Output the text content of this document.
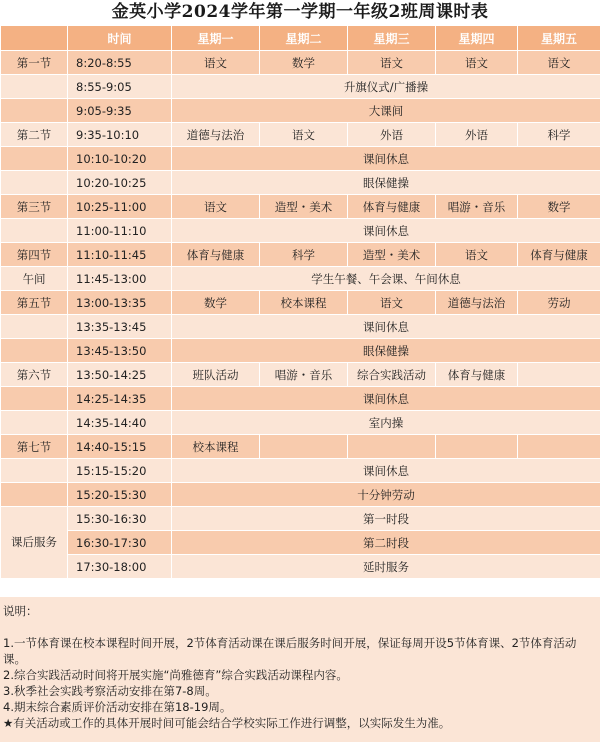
金英小学2024学年第一学期一年级2班周课时表
	时间	星期一	星期二	星期三	星期四	星期五
第一节	8:20-8:55	语文	数学	语文	语文	语文
	8:55-9:05	升旗仪式/广播操				
	9:05-9:35	大课间				
第二节	9:35-10:10	道德与法治	语文	外语	外语	科学
	10:10-10:20	课间休息				
	10:20-10:25	眼保健操				
第三节	10:25-11:00	语文	造型・美术	体育与健康	唱游・音乐	数学
	11:00-11:10	课间休息				
第四节	11:10-11:45	体育与健康	科学	造型・美术	语文	体育与健康
午间	11:45-13:00	学生午餐、午会课、午间休息				
第五节	13:00-13:35	数学	校本课程	语文	道德与法治	劳动
	13:35-13:45	课间休息				
	13:45-13:50	眼保健操				
第六节	13:50-14:25	班队活动	唱游・音乐	综合实践活动	体育与健康	
	14:25-14:35	课间休息				
	14:35-14:40	室内操				
第七节	14:40-15:15	校本课程				
	15:15-15:20	课间休息				
	15:20-15:30	十分钟劳动				
课后服务	15:30-16:30	第一时段				
	16:30-17:30	第二时段				
	17:30-18:00	延时服务				
说明：
1.一节体育课在校本课程时间开展，2节体育活动课在课后服务时间开展，保证每周开设5节体育课、2节体育活动课。
2.综合实践活动时间将开展实施“尚雅德育”综合实践活动课程内容。
3.秋季社会实践考察活动安排在第7-8周。
4.期末综合素质评价活动安排在第18-19周。
★有关活动或工作的具体开展时间可能会结合学校实际工作进行调整，以实际发生为准。
